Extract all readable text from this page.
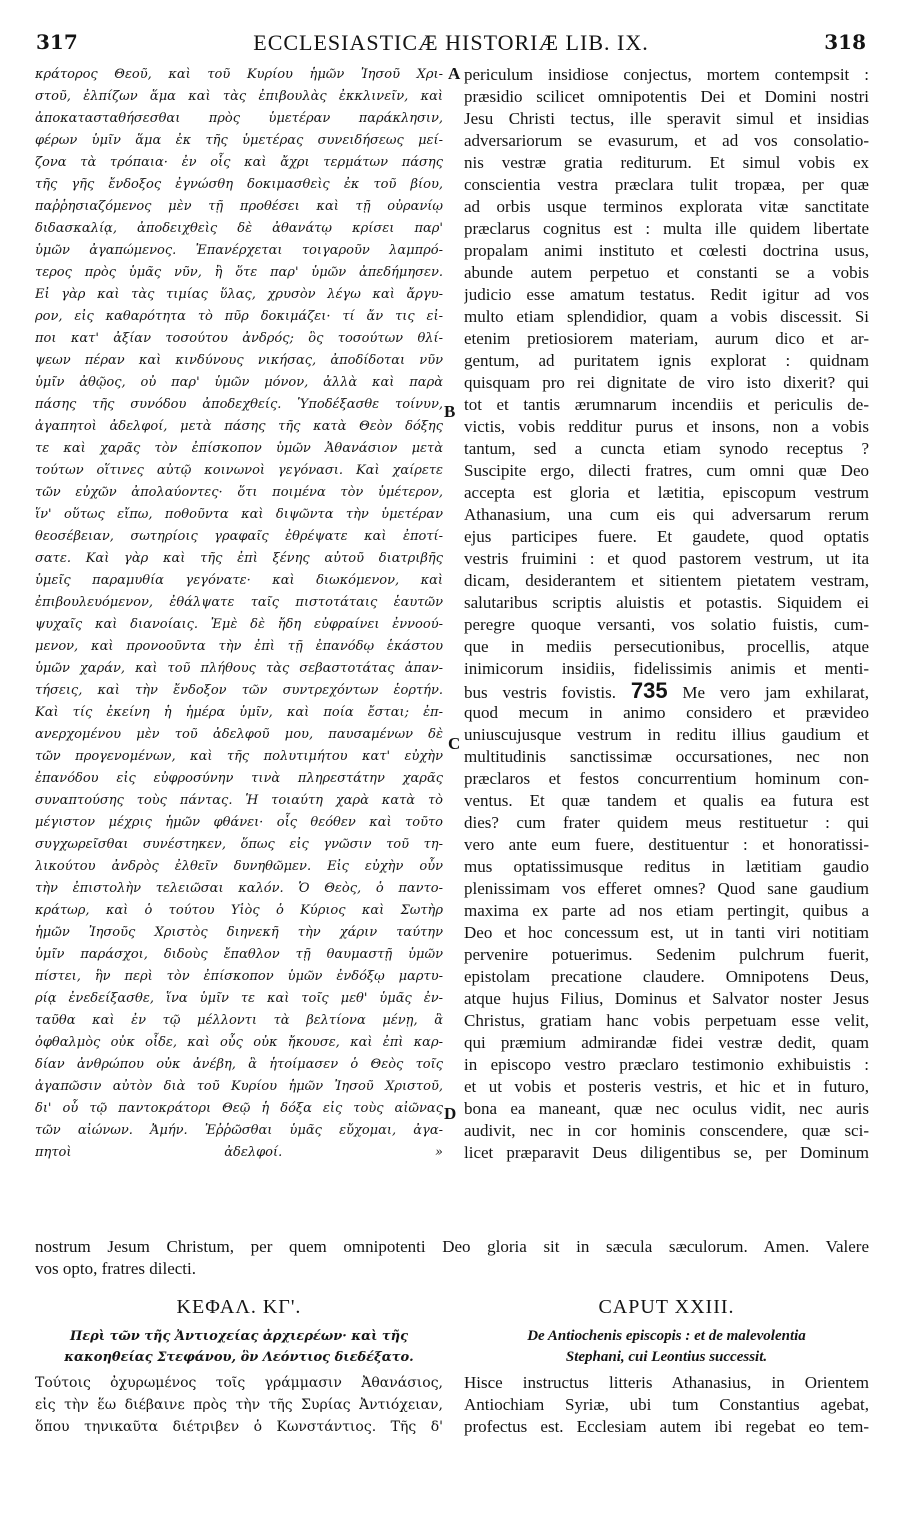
317	ECCLESIASTICÆ HISTORIÆ LIB. IX.	318
κράτορος Θεοῦ, καὶ τοῦ Κυρίου ἡμῶν Ἰησοῦ Χρι-
στοῦ, ἐλπίζων ἅμα καὶ τὰς ἐπιβουλὰς ἐκκλινεῖν, καὶ
ἀποκατασταθήσεσθαι πρὸς ὑμετέραν παράκλησιν,
φέρων ὑμῖν ἅμα ἐκ τῆς ὑμετέρας συνειδήσεως μεί-
ζονα τὰ τρόπαια· ἐν οἷς καὶ ἄχρι τερμάτων πάσης
τῆς γῆς ἔνδοξος ἐγνώσθη δοκιμασθεὶς ἐκ τοῦ βίου,
παῤῥησιαζόμενος μὲν τῇ προθέσει καὶ τῇ οὐρανίῳ
διδασκαλίᾳ, ἀποδειχθεὶς δὲ ἀθανάτῳ κρίσει παρ'
ὑμῶν ἀγαπώμενος. Ἐπανέρχεται τοιγαροῦν λαμπρό-
τερος πρὸς ὑμᾶς νῦν, ἢ ὅτε παρ' ὑμῶν ἀπεδήμησεν.
Εἰ γὰρ καὶ τὰς τιμίας ὕλας, χρυσὸν λέγω καὶ ἄργυ-
ρον, εἰς καθαρότητα τὸ πῦρ δοκιμάζει· τί ἄν τις εἰ-
ποι κατ' ἀξίαν τοσούτου ἀνδρός; ὃς τοσούτων θλί-
ψεων πέραν καὶ κινδύνους νικήσας, ἀποδίδοται νῦν
ὑμῖν ἀθῷος, οὐ παρ' ὑμῶν μόνον, ἀλλὰ καὶ παρὰ
πάσης τῆς συνόδου ἀποδεχθείς. Ὑποδέξασθε τοίνυν,
ἀγαπητοὶ ἀδελφοί, μετὰ πάσης τῆς κατὰ Θεὸν δόξης
τε καὶ χαρᾶς τὸν ἐπίσκοπον ὑμῶν Ἀθανάσιον μετὰ
τούτων οἵτινες αὐτῷ κοινωνοὶ γεγόνασι. Καὶ χαίρετε
τῶν εὐχῶν ἀπολαύοντες· ὅτι ποιμένα τὸν ὑμέτερον,
ἵν' οὕτως εἴπω, ποθοῦντα καὶ διψῶντα τὴν ὑμετέραν
θεοσέβειαν, σωτηρίοις γραφαῖς ἐθρέψατε καὶ ἐποτί-
σατε. Καὶ γὰρ καὶ τῆς ἐπὶ ξένης αὐτοῦ διατριβῆς
ὑμεῖς παραμυθία γεγόνατε· καὶ διωκόμενον, καὶ
ἐπιβουλευόμενον, ἐθάλψατε ταῖς πιστοτάταις ἑαυτῶν
ψυχαῖς καὶ διανοίαις. Ἐμὲ δὲ ἤδη εὐφραίνει ἐννοού-
μενον, καὶ προνοοῦντα τὴν ἐπὶ τῇ ἐπανόδῳ ἑκάστου
ὑμῶν χαράν, καὶ τοῦ πλήθους τὰς σεβαστοτάτας ἀπαν-
τήσεις, καὶ τὴν ἔνδοξον τῶν συντρεχόντων ἑορτήν.
Καὶ τίς ἐκείνη ἡ ἡμέρα ὑμῖν, καὶ ποία ἔσται; ἐπ-
ανερχομένου μὲν τοῦ ἀδελφοῦ μου, παυσαμένων δὲ
τῶν προγενομένων, καὶ τῆς πολυτιμήτου κατ' εὐχὴν
ἐπανόδου εἰς εὐφροσύνην τινὰ πληρεστάτην χαρᾶς
συναπτούσης τοὺς πάντας. Ἡ τοιαύτη χαρὰ κατὰ τὸ
μέγιστον μέχρις ἡμῶν φθάνει· οἷς θεόθεν καὶ τοῦτο
συγχωρεῖσθαι συνέστηκεν, ὅπως εἰς γνῶσιν τοῦ τη-
λικούτου ἀνδρὸς ἐλθεῖν δυνηθῶμεν. Εἰς εὐχὴν οὖν
τὴν ἐπιστολὴν τελειῶσαι καλόν. Ὁ Θεὸς, ὁ παντο-
κράτωρ, καὶ ὁ τούτου Υἱὸς ὁ Κύριος καὶ Σωτὴρ
ἡμῶν Ἰησοῦς Χριστὸς διηνεκῆ τὴν χάριν ταύτην
ὑμῖν παράσχοι, διδοὺς ἔπαθλον τῇ θαυμαστῇ ὑμῶν
πίστει, ἣν περὶ τὸν ἐπίσκοπον ὑμῶν ἐνδόξῳ μαρτυ-
ρίᾳ ἐνεδείξασθε, ἵνα ὑμῖν τε καὶ τοῖς μεθ' ὑμᾶς ἐν-
ταῦθα καὶ ἐν τῷ μέλλοντι τὰ βελτίονα μένῃ, ἃ
ὀφθαλμὸς οὐκ οἶδε, καὶ οὖς οὐκ ἤκουσε, καὶ ἐπὶ καρ-
δίαν ἀνθρώπου οὐκ ἀνέβη, ἃ ἡτοίμασεν ὁ Θεὸς τοῖς
ἀγαπῶσιν αὐτὸν διὰ τοῦ Κυρίου ἡμῶν Ἰησοῦ Χριστοῦ,
δι' οὗ τῷ παντοκράτορι Θεῷ ἡ δόξα εἰς τοὺς αἰῶνας
τῶν αἰώνων. Ἀμήν. Ἐῤῥῶσθαι ὑμᾶς εὔχομαι, ἀγα-
πητοὶ ἀδελφοί. »
periculum insidiose conjectus, mortem contempsit :
præsidio scilicet omnipotentis Dei et Domini nostri
Jesu Christi tectus, ille speravit simul et insidias
adversariorum se evasurum, et ad vos consolatio-
nis vestræ gratia rediturum. Et simul vobis ex
conscientia vestra præclara tulit tropæa, per quæ
ad orbis usque terminos explorata vitæ sanctitate
præclarus cognitus est : multa ille quidem libertate
propalam animi instituto et cœlesti doctrina usus,
abunde autem perpetuo et constanti se a vobis
judicio esse amatum testatus. Redit igitur ad vos
multo etiam splendidior, quam a vobis discessit. Si
etenim pretiosiorem materiam, aurum dico et ar-
gentum, ad puritatem ignis explorat : quidnam
quisquam pro rei dignitate de viro isto dixerit? qui
tot et tantis ærumnarum incendiis et periculis de-
victis, vobis redditur purus et insons, non a vobis
tantum, sed a cuncta etiam synodo receptus ?
Suscipite ergo, dilecti fratres, cum omni quæ Deo
accepta est gloria et lætitia, episcopum vestrum
Athanasium, una cum eis qui adversarum rerum
ejus participes fuere. Et gaudete, quod optatis
vestris fruimini : et quod pastorem vestrum, ut ita
dicam, desiderantem et sitientem pietatem vestram,
salutaribus scriptis aluistis et potastis. Siquidem ei
peregre quoque versanti, vos solatio fuistis, cum-
que in mediis persecutionibus, procellis, atque
inimicorum insidiis, fidelissimis animis et menti-
bus vestris fovistis. 735 Me vero jam exhilarat,
quod mecum in animo considero et prævideo
uniuscujusque vestrum in reditu illius gaudium et
multitudinis sanctissimæ occursationes, nec non
præclaros et festos concurrentium hominum con-
ventus. Et quæ tandem et qualis ea futura est
dies? cum frater quidem meus restituetur : qui
vero ante eum fuere, destituentur : et honoratissi-
mus optatissimusque reditus in lætitiam gaudio
plenissimam vos efferet omnes? Quod sane gaudium
maxima ex parte ad nos etiam pertingit, quibus a
Deo et hoc concessum est, ut in tanti viri notitiam
pervenire potuerimus. Sedenim pulchrum fuerit,
epistolam precatione claudere. Omnipotens Deus,
atque hujus Filius, Dominus et Salvator noster Jesus
Christus, gratiam hanc vobis perpetuam esse velit,
qui præmium admirandæ fidei vestræ dedit, quam
in episcopo vestro præclaro testimonio exhibuistis :
et ut vobis et posteris vestris, et hic et in futuro,
bona ea maneant, quæ nec oculus vidit, nec auris
audivit, nec in cor hominis conscendere, quæ sci-
licet præparavit Deus diligentibus se, per Dominum
A
B
C
D
nostrum Jesum Christum, per quem omnipotenti Deo gloria sit in sæcula sæculorum. Amen. Valere
vos opto, fratres dilecti.
ΚΕΦΑΛ. ΚΓ'.	CAPUT XXIII.
Περὶ τῶν τῆς Ἀντιοχείας ἀρχιερέων· καὶ τῆς
κακοηθείας Στεφάνου, ὃν Λεόντιος διεδέξατο.
De Antiochenis episcopis : et de malevolentia
Stephani, cui Leontius successit.
Τούτοις ὀχυρωμένος τοῖς γράμμασιν Ἀθανάσιος,
εἰς τὴν ἕω διέβαινε πρὸς τὴν τῆς Συρίας Ἀντιόχειαν,
ὅπου τηνικαῦτα διέτριβεν ὁ Κωνστάντιος. Τῆς δ'
Hisce instructus litteris Athanasius, in Orientem
Antiochiam Syriæ, ubi tum Constantius agebat,
profectus est. Ecclesiam autem ibi regebat eo tem-
